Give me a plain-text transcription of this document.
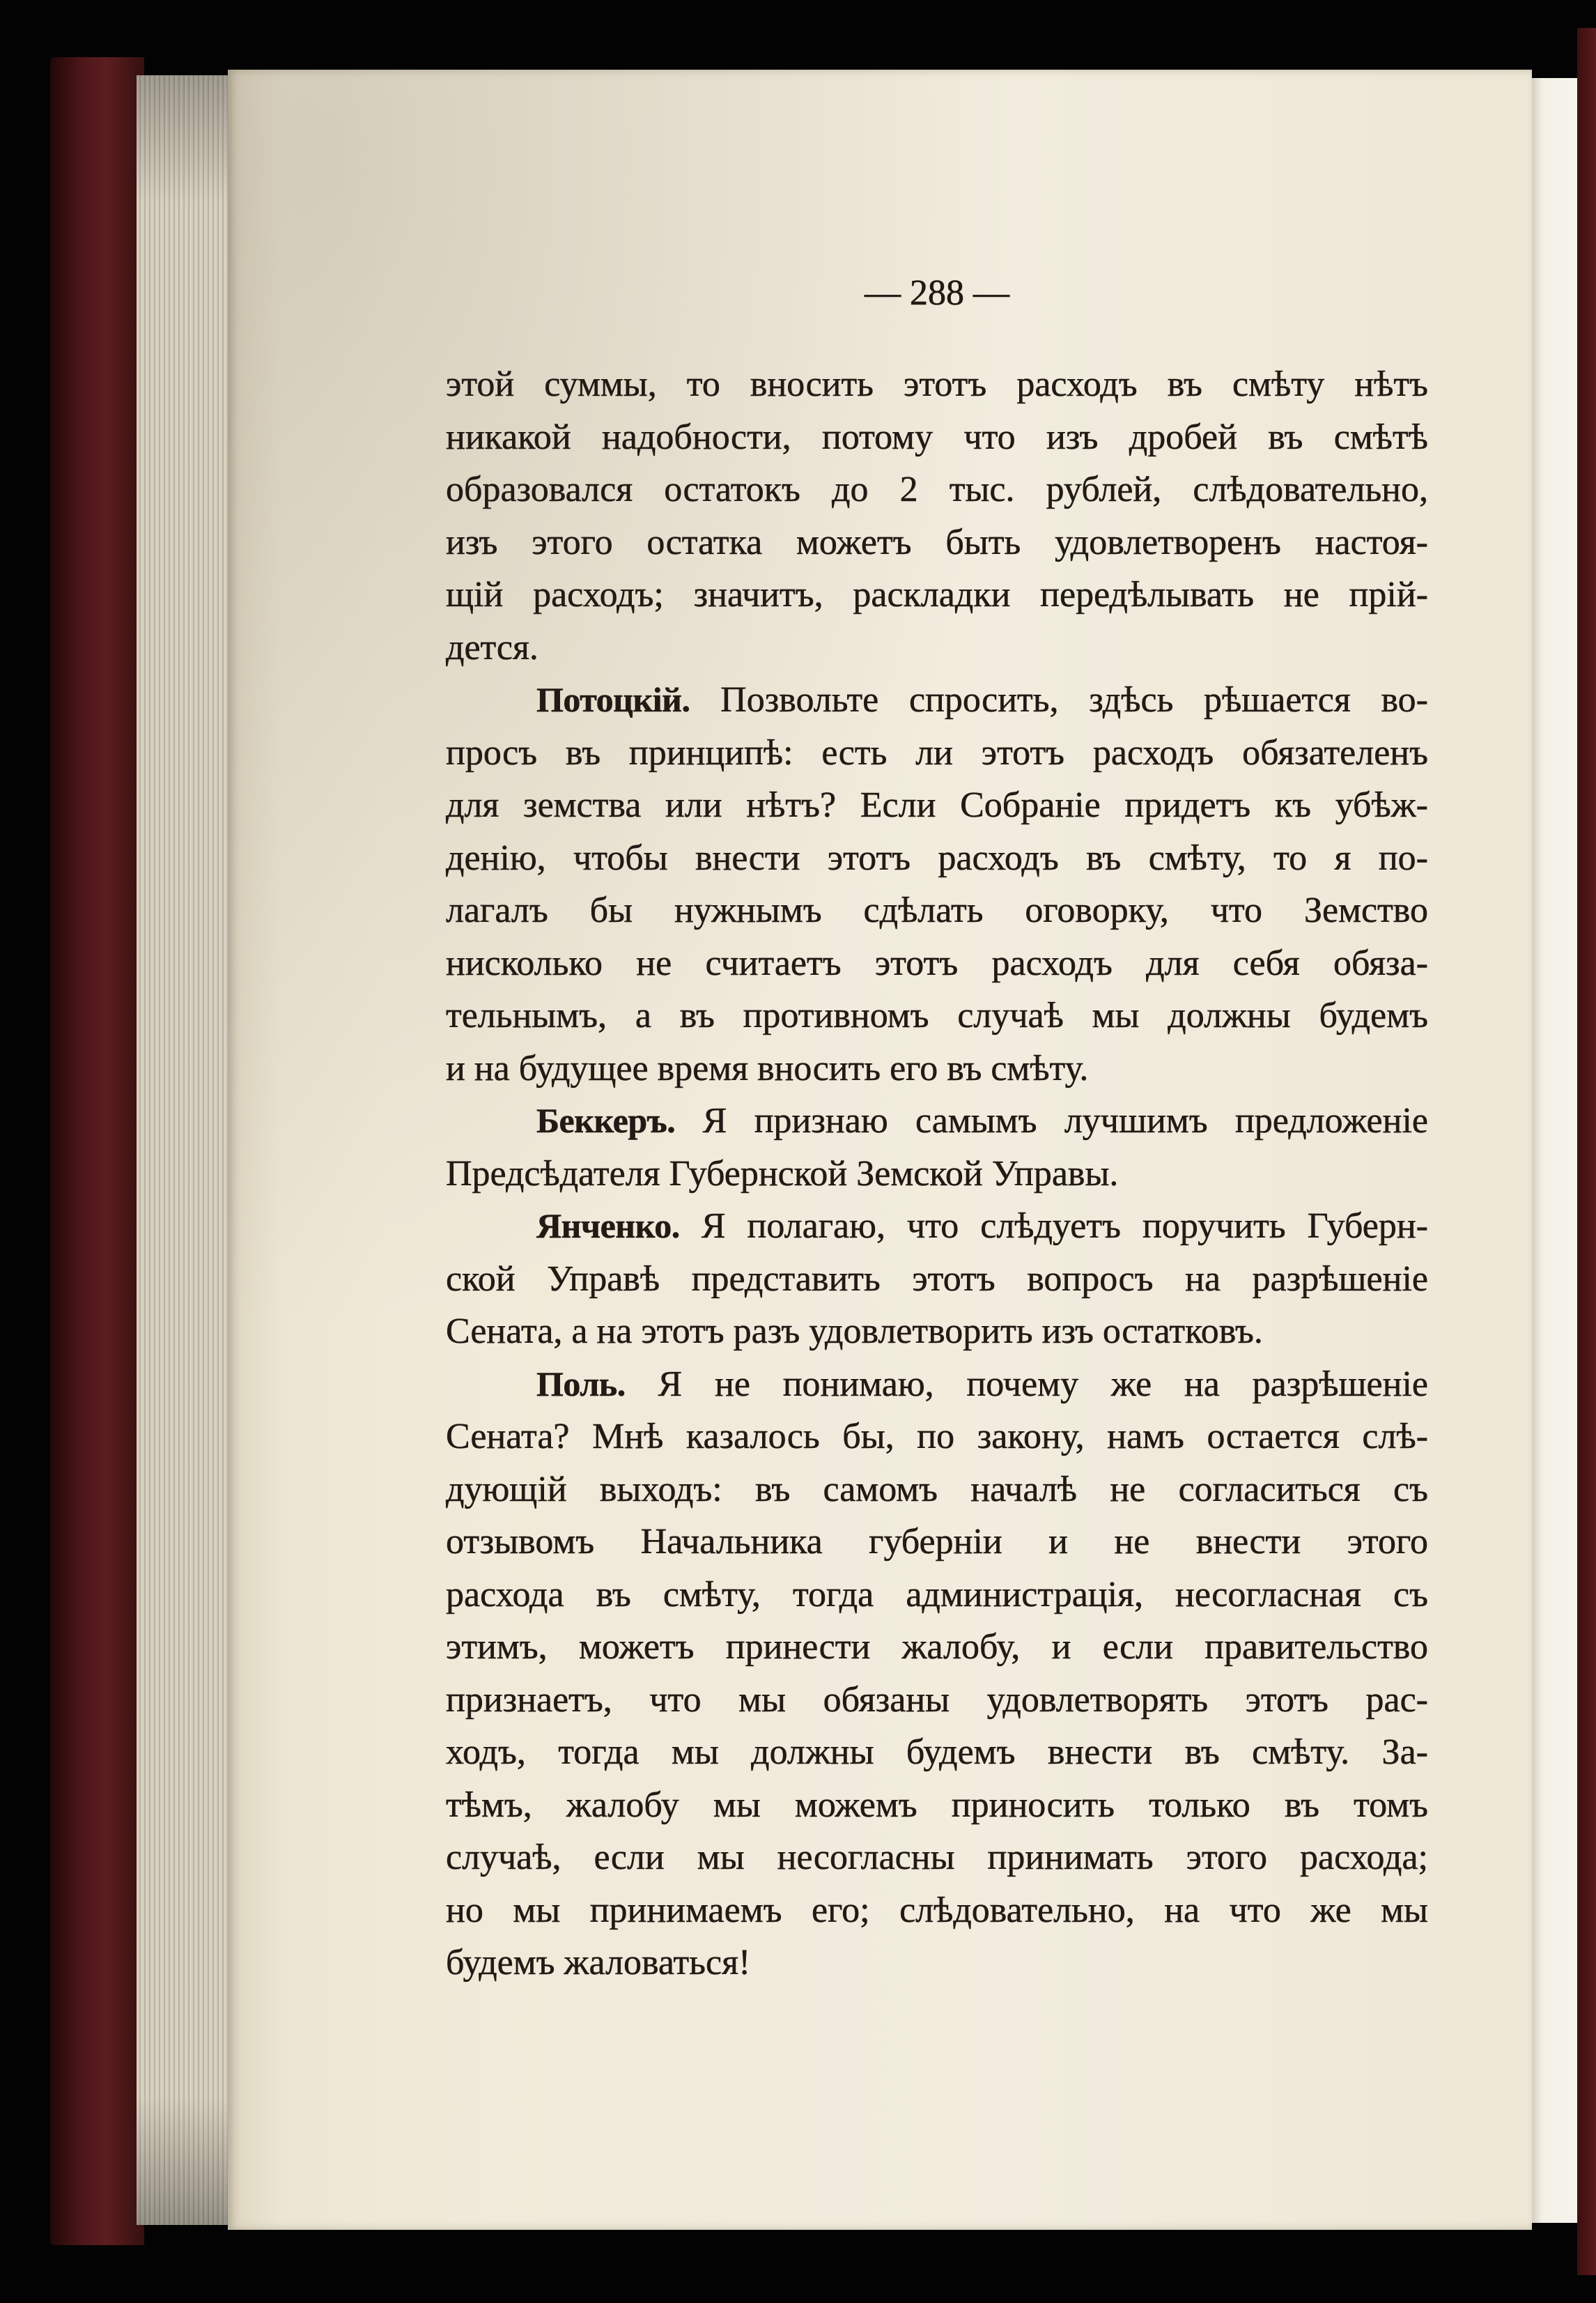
— 288 —
этой суммы, то вносить этотъ расходъ въ смѣту нѣтъ
никакой надобности, потому что изъ дробей въ смѣтѣ
образовался остатокъ до 2 тыс. рублей, слѣдовательно,
изъ этого остатка можетъ быть удовлетворенъ настоя-
щій расходъ; значитъ, раскладки передѣлывать не прій-
дется.
Потоцкій. Позвольте спросить, здѣсь рѣшается во-
просъ въ принципѣ: есть ли этотъ расходъ обязателенъ
для земства или нѣтъ? Если Собраніе придетъ къ убѣж-
денію, чтобы внести этотъ расходъ въ смѣту, то я по-
лагалъ бы нужнымъ сдѣлать оговорку, что Земство
нисколько не считаетъ этотъ расходъ для себя обяза-
тельнымъ, а въ противномъ случаѣ мы должны будемъ
и на будущее время вносить его въ смѣту.
Беккеръ. Я признаю самымъ лучшимъ предложеніе
Предсѣдателя Губернской Земской Управы.
Янченко. Я полагаю, что слѣдуетъ поручить Губерн-
ской Управѣ представить этотъ вопросъ на разрѣшеніе
Сената, а на этотъ разъ удовлетворить изъ остатковъ.
Поль. Я не понимаю, почему же на разрѣшеніе
Сената? Мнѣ казалось бы, по закону, намъ остается слѣ-
дующій выходъ: въ самомъ началѣ не согласиться съ
отзывомъ Начальника губерніи и не внести этого
расхода въ смѣту, тогда администрація, несогласная съ
этимъ, можетъ принести жалобу, и если правительство
признаетъ, что мы обязаны удовлетворять этотъ рас-
ходъ, тогда мы должны будемъ внести въ смѣту. За-
тѣмъ, жалобу мы можемъ приносить только въ томъ
случаѣ, если мы несогласны принимать этого расхода;
но мы принимаемъ его; слѣдовательно, на что же мы
будемъ жаловаться!
